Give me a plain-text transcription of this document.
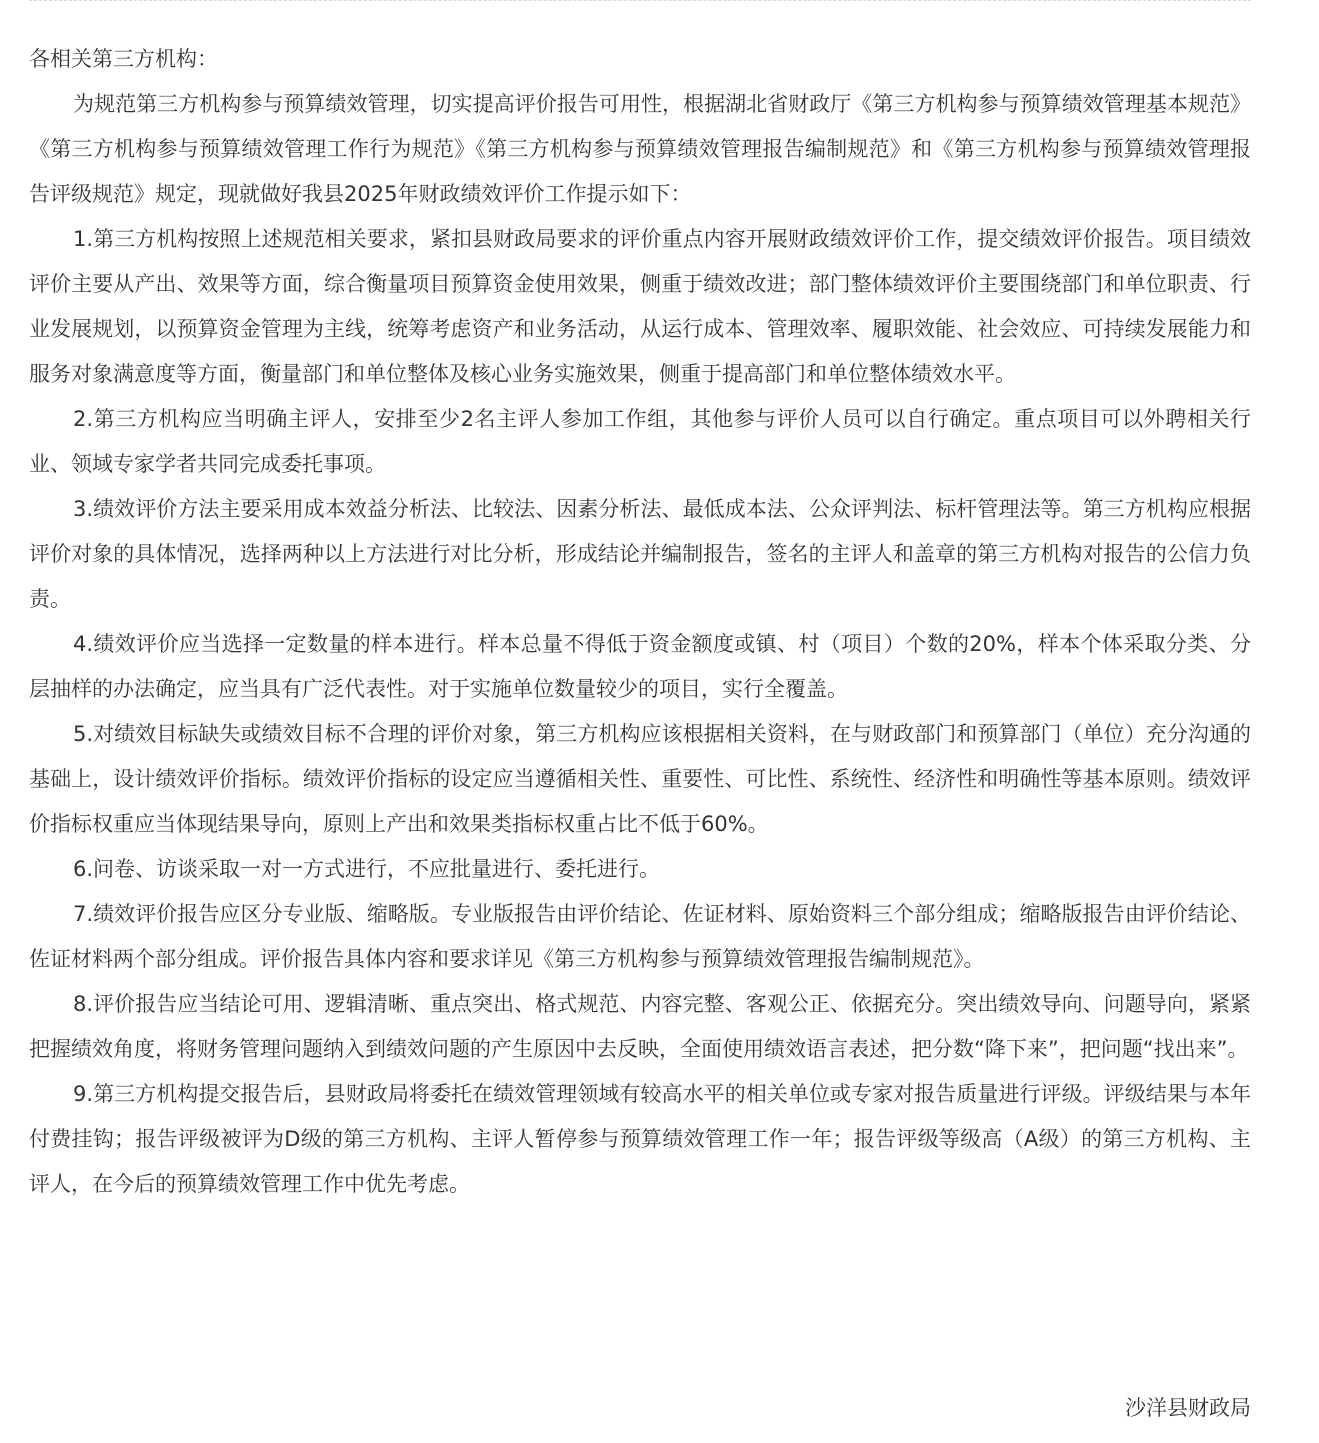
各相关第三方机构：

为规范第三方机构参与预算绩效管理，切实提高评价报告可用性，根据湖北省财政厅《第三方机构参与预算绩效管理基本规范》《第三方机构参与预算绩效管理工作行为规范》《第三方机构参与预算绩效管理报告编制规范》和《第三方机构参与预算绩效管理报告评级规范》规定，现就做好我县2025年财政绩效评价工作提示如下：

1.第三方机构按照上述规范相关要求，紧扣县财政局要求的评价重点内容开展财政绩效评价工作，提交绩效评价报告。项目绩效评价主要从产出、效果等方面，综合衡量项目预算资金使用效果，侧重于绩效改进；部门整体绩效评价主要围绕部门和单位职责、行业发展规划，以预算资金管理为主线，统筹考虑资产和业务活动，从运行成本、管理效率、履职效能、社会效应、可持续发展能力和服务对象满意度等方面，衡量部门和单位整体及核心业务实施效果，侧重于提高部门和单位整体绩效水平。

2.第三方机构应当明确主评人，安排至少2名主评人参加工作组，其他参与评价人员可以自行确定。重点项目可以外聘相关行业、领域专家学者共同完成委托事项。

3.绩效评价方法主要采用成本效益分析法、比较法、因素分析法、最低成本法、公众评判法、标杆管理法等。第三方机构应根据评价对象的具体情况，选择两种以上方法进行对比分析，形成结论并编制报告，签名的主评人和盖章的第三方机构对报告的公信力负责。

4.绩效评价应当选择一定数量的样本进行。样本总量不得低于资金额度或镇、村（项目）个数的20%，样本个体采取分类、分层抽样的办法确定，应当具有广泛代表性。对于实施单位数量较少的项目，实行全覆盖。

5.对绩效目标缺失或绩效目标不合理的评价对象，第三方机构应该根据相关资料，在与财政部门和预算部门（单位）充分沟通的基础上，设计绩效评价指标。绩效评价指标的设定应当遵循相关性、重要性、可比性、系统性、经济性和明确性等基本原则。绩效评价指标权重应当体现结果导向，原则上产出和效果类指标权重占比不低于60%。

6.问卷、访谈采取一对一方式进行，不应批量进行、委托进行。

7.绩效评价报告应区分专业版、缩略版。专业版报告由评价结论、佐证材料、原始资料三个部分组成；缩略版报告由评价结论、佐证材料两个部分组成。评价报告具体内容和要求详见《第三方机构参与预算绩效管理报告编制规范》。

8.评价报告应当结论可用、逻辑清晰、重点突出、格式规范、内容完整、客观公正、依据充分。突出绩效导向、问题导向，紧紧把握绩效角度，将财务管理问题纳入到绩效问题的产生原因中去反映，全面使用绩效语言表述，把分数“降下来”，把问题“找出来”。

9.第三方机构提交报告后，县财政局将委托在绩效管理领域有较高水平的相关单位或专家对报告质量进行评级。评级结果与本年付费挂钩；报告评级被评为D级的第三方机构、主评人暂停参与预算绩效管理工作一年；报告评级等级高（A级）的第三方机构、主评人，在今后的预算绩效管理工作中优先考虑。

沙洋县财政局
